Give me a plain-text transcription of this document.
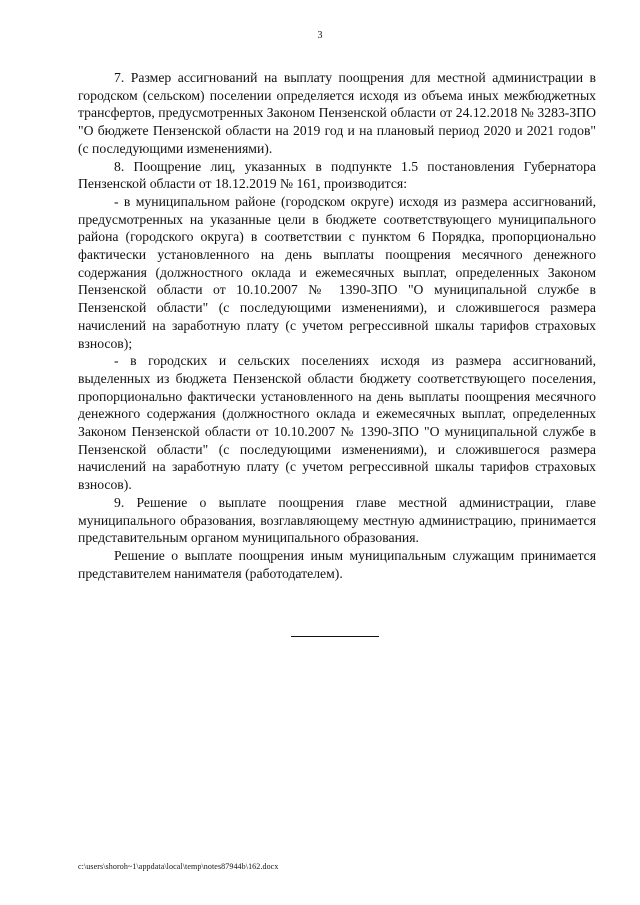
3

7. Размер ассигнований на выплату поощрения для местной администрации в городском (сельском) поселении определяется исходя из объема иных межбюджетных трансфертов, предусмотренных Законом Пензенской области от 24.12.2018 № 3283-ЗПО "О бюджете Пензенской области на 2019 год и на плановый период 2020 и 2021 годов" (с последующими изменениями).

8. Поощрение лиц, указанных в подпункте 1.5 постановления Губернатора Пензенской области от 18.12.2019 № 161, производится:

- в муниципальном районе (городском округе) исходя из размера ассигнований, предусмотренных на указанные цели в бюджете соответствующего муниципального района (городского округа) в соответствии с пунктом 6 Порядка, пропорционально фактически установленного на день выплаты поощрения месячного денежного содержания (должностного оклада и ежемесячных выплат, определенных Законом Пензенской области от 10.10.2007 № 1390-ЗПО "О муниципальной службе в Пензенской области" (с последующими изменениями), и сложившегося размера начислений на заработную плату (с учетом регрессивной шкалы тарифов страховых взносов);

- в городских и сельских поселениях исходя из размера ассигнований, выделенных из бюджета Пензенской области бюджету соответствующего поселения, пропорционально фактически установленного на день выплаты поощрения месячного денежного содержания (должностного оклада и ежемесячных выплат, определенных Законом Пензенской области от 10.10.2007 № 1390-ЗПО "О муниципальной службе в Пензенской области" (с последующими изменениями), и сложившегося размера начислений на заработную плату (с учетом регрессивной шкалы тарифов страховых взносов).

9. Решение о выплате поощрения главе местной администрации, главе муниципального образования, возглавляющему местную администрацию, принимается представительным органом муниципального образования.

Решение о выплате поощрения иным муниципальным служащим принимается представителем нанимателя (работодателем).

c:\users\shoroh~1\appdata\local\temp\notes87944b\162.docx
